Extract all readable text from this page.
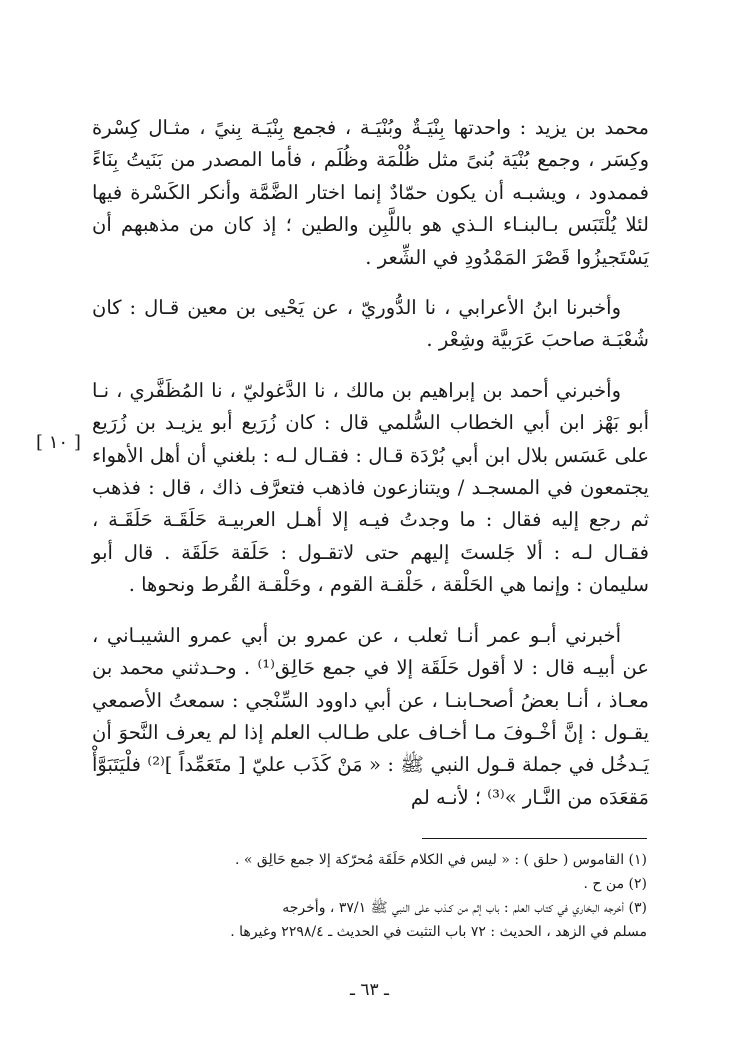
محمد بن يزيد : واحدتها بِنْيَـةٌ وبُنْيَـة ، فجمع بِنْيَـة بِنيً ، مثـال كِسْرة وكِسَر ، وجمع بُنْيَة بُنىً مثل ظُلْمَة وظُلَم ، فأما المصدر من بَنَيتُ بِنَاءً فممدود ، ويشبـه أن يكون حمّادٌ إنما اختار الضَّمَّة وأنكر الكَسْرة فيها لئلا يُلْتَبَس بـالبنـاء الـذي هو باللَّبِن والطين ؛ إذ كان من مذهبهم أن يَسْتَجيزُوا قَصْرَ المَمْدُودِ في الشِّعر .

وأخبرنا ابنُ الأعرابي ، نا الدُّوريّ ، عن يَحْيى بن معين قـال : كان شُعْبَـة صاحبَ عَرَبيَّة وشِعْر .

وأخبرني أحمد بن إبراهيم بن مالك ، نا الدَّغوليّ ، نا المُظَفَّري ، نـا أبو بَهْز ابن أبي الخطاب السُّلمي قال : كان زُرَيع أبو يزيـد بن زُرَيع على عَسَس بلال ابن أبي بُرْدَة قـال : فقـال لـه : بلغني أن أهل الأهواء يجتمعون في المسجـد / ويتنازعون فاذهب فتعرَّف ذاك ، قال : فذهب ثم رجع إليه فقال : ما وجدتُ فيـه إلا أهـل العربيـة حَلَقَـة حَلَقَـة ، فقـال لـه : ألا جَلستَ إليهم حتى لاتقـول : حَلَقة حَلَقَة . قال أبو سليمان : وإنما هي الحَلْقة ، حَلْقـة القوم ، وحَلْقـة القُرط ونحوها .

أخبرني أبـو عمر أنـا ثعلب ، عن عمرو بن أبي عمرو الشيبـاني ، عن أبيـه قال : لا أقول حَلَقَة إلا في جمع حَالِق⁽¹⁾ . وحـدثني محمد بن معـاذ ، أنـا بعضُ أصحـابنـا ، عن أبي داوود السِّنْجي : سمعتُ الأصمعي يقـول : إنَّ أخْـوفَ مـا أخـاف على طـالب العلم إذا لم يعرف النَّحوَ أن يَـدخُل في جملة قـول النبي ﷺ : « مَنْ كَذَب عليّ [ متَعَمِّداً ]⁽²⁾ فلْيَتَبَوَّأْ مَقعَدَه من النَّـار »⁽³⁾ ؛ لأنـه لم

[ ١٠ ]

(١) القاموس ( حلق ) : « ليس في الكلام حَلَقَة مُحرّكة إلا جمع حَالِق » .

(٢) من ح .

(٣) أخرجه البخاري في كتاب العلم : باب إثم من كـذب على النبي ﷺ ٣٧/١ ، وأخرجه

مسلم في الزهد ، الحديث : ٧٢ باب التثبت في الحديث ـ ٢٢٩٨/٤ وغيرها .

ـ ٦٣ ـ
